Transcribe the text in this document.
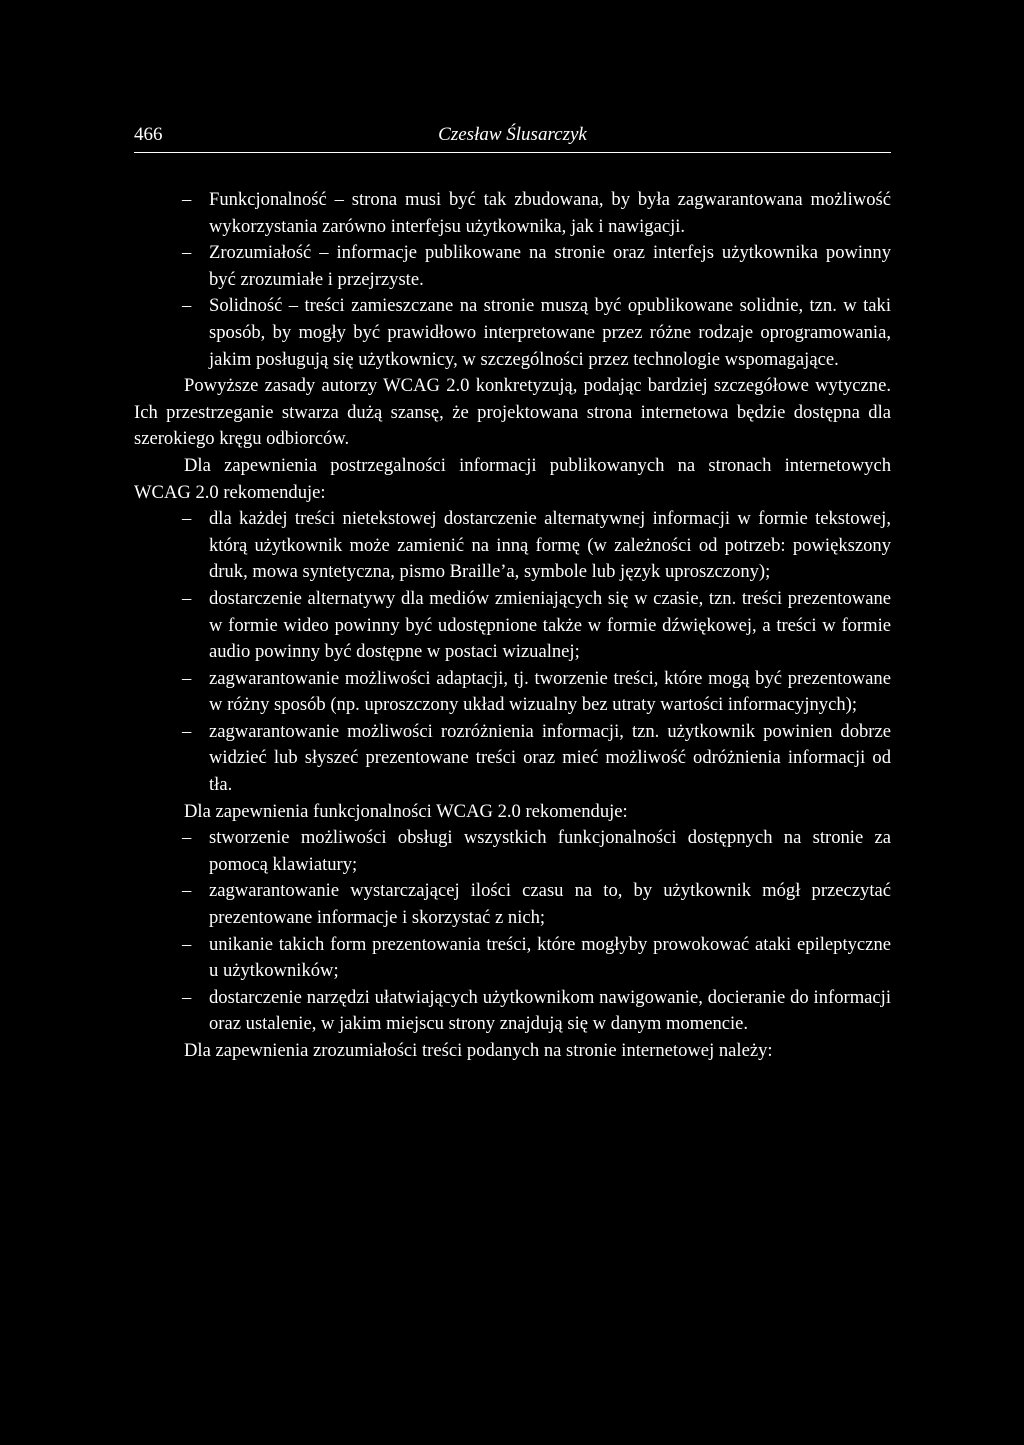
466	Czesław Ślusarczyk
– Funkcjonalność – strona musi być tak zbudowana, by była zagwarantowana możliwość wykorzystania zarówno interfejsu użytkownika, jak i nawigacji.
– Zrozumiałość – informacje publikowane na stronie oraz interfejs użytkownika powinny być zrozumiałe i przejrzyste.
– Solidność – treści zamieszczane na stronie muszą być opublikowane solidnie, tzn. w taki sposób, by mogły być prawidłowo interpretowane przez różne rodzaje oprogramowania, jakim posługują się użytkownicy, w szczególności przez technologie wspomagające.

Powyższe zasady autorzy WCAG 2.0 konkretyzują, podając bardziej szczegółowe wytyczne. Ich przestrzeganie stwarza dużą szansę, że projektowana strona internetowa będzie dostępna dla szerokiego kręgu odbiorców.

Dla zapewnienia postrzegalności informacji publikowanych na stronach internetowych WCAG 2.0 rekomenduje:

– dla każdej treści nietekstowej dostarczenie alternatywnej informacji w formie tekstowej, którą użytkownik może zamienić na inną formę (w zależności od potrzeb: powiększony druk, mowa syntetyczna, pismo Braille’a, symbole lub język uproszczony);
– dostarczenie alternatywy dla mediów zmieniających się w czasie, tzn. treści prezentowane w formie wideo powinny być udostępnione także w formie dźwiękowej, a treści w formie audio powinny być dostępne w postaci wizualnej;
– zagwarantowanie możliwości adaptacji, tj. tworzenie treści, które mogą być prezentowane w różny sposób (np. uproszczony układ wizualny bez utraty wartości informacyjnych);
– zagwarantowanie możliwości rozróżnienia informacji, tzn. użytkownik powinien dobrze widzieć lub słyszeć prezentowane treści oraz mieć możliwość odróżnienia informacji od tła.

Dla zapewnienia funkcjonalności WCAG 2.0 rekomenduje:

– stworzenie możliwości obsługi wszystkich funkcjonalności dostępnych na stronie za pomocą klawiatury;
– zagwarantowanie wystarczającej ilości czasu na to, by użytkownik mógł przeczytać prezentowane informacje i skorzystać z nich;
– unikanie takich form prezentowania treści, które mogłyby prowokować ataki epileptyczne u użytkowników;
– dostarczenie narzędzi ułatwiających użytkownikom nawigowanie, docieranie do informacji oraz ustalenie, w jakim miejscu strony znajdują się w danym momencie.

Dla zapewnienia zrozumiałości treści podanych na stronie internetowej należy:
